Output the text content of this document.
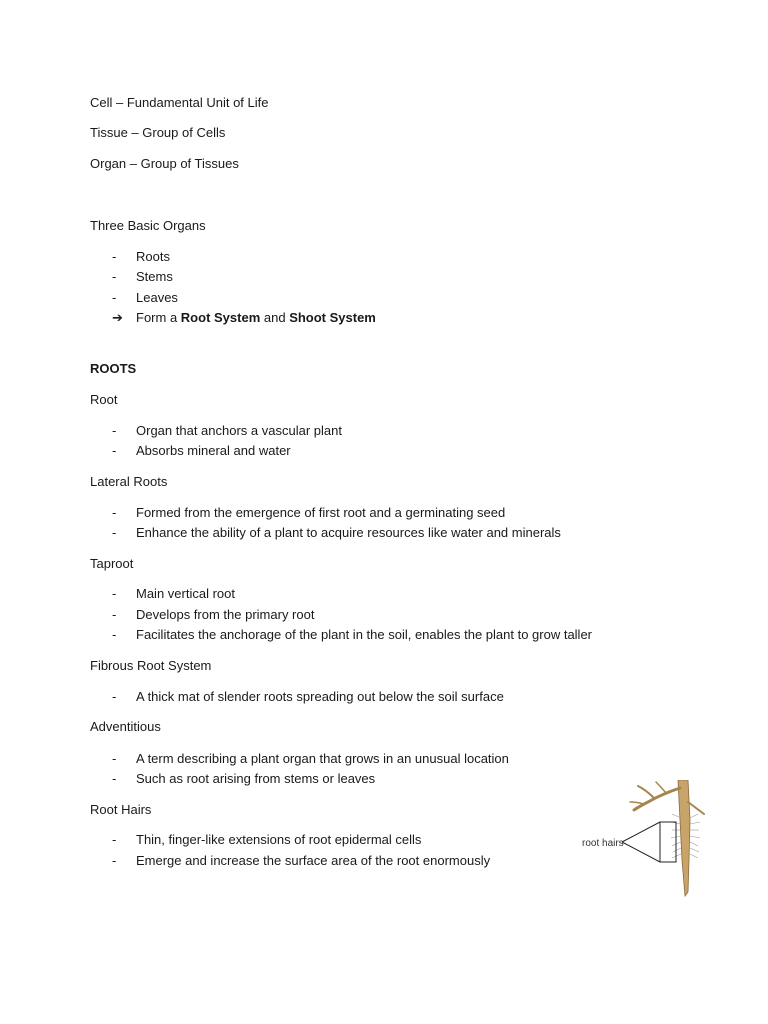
Cell – Fundamental Unit of Life
Tissue – Group of Cells
Organ – Group of Tissues
Three Basic Organs
- Roots
- Stems
- Leaves
➔ Form a Root System and Shoot System
ROOTS
Root
- Organ that anchors a vascular plant
- Absorbs mineral and water
Lateral Roots
- Formed from the emergence of first root and a germinating seed
- Enhance the ability of a plant to acquire resources like water and minerals
Taproot
- Main vertical root
- Develops from the primary root
- Facilitates the anchorage of the plant in the soil, enables the plant to grow taller
Fibrous Root System
- A thick mat of slender roots spreading out below the soil surface
Adventitious
- A term describing a plant organ that grows in an unusual location
- Such as root arising from stems or leaves
Root Hairs
- Thin, finger-like extensions of root epidermal cells
- Emerge and increase the surface area of the root enormously
root hairs
